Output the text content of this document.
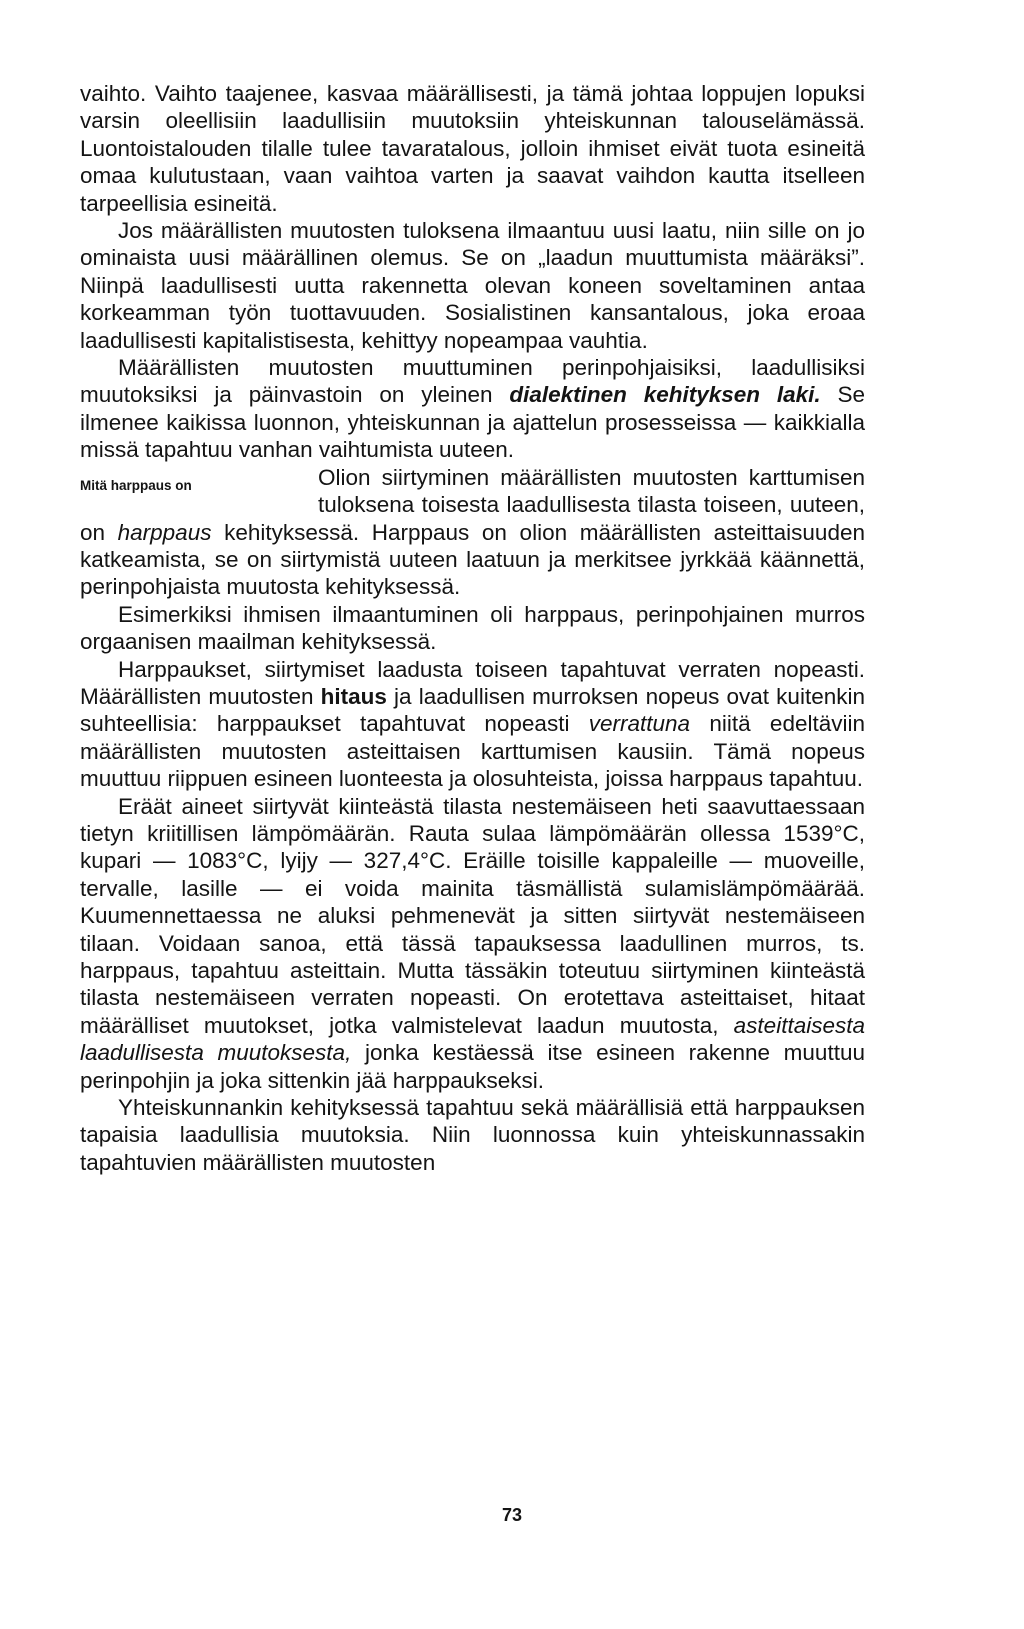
vaihto. Vaihto taajenee, kasvaa määrällisesti, ja tämä johtaa loppujen lopuksi varsin oleellisiin laadullisiin muutoksiin yhteiskunnan talouselämässä. Luontoistalouden tilalle tulee tavaratalous, jolloin ihmiset eivät tuota esineitä omaa kulutustaan, vaan vaihtoa varten ja saavat vaihdon kautta itselleen tarpeellisia esineitä.

Jos määrällisten muutosten tuloksena ilmaantuu uusi laatu, niin sille on jo ominaista uusi määrällinen olemus. Se on „laadun muuttumista määräksi”. Niinpä laadullisesti uutta rakennetta olevan koneen soveltaminen antaa korkeamman työn tuottavuuden. Sosialistinen kansantalous, joka eroaa laadullisesti kapitalistisesta, kehittyy nopeampaa vauhtia.

Määrällisten muutosten muuttuminen perinpohjaisiksi, laadullisiksi muutoksiksi ja päinvastoin on yleinen dialektinen kehityksen laki. Se ilmenee kaikissa luonnon, yhteiskunnan ja ajattelun prosesseissa — kaikkialla missä tapahtuu vanhan vaihtumista uuteen.

Mitä harppaus on	Olion siirtyminen määrällisten muutosten karttumisen tuloksena toisesta laadullisesta tilasta toiseen, uuteen, on harppaus kehityksessä. Harppaus on olion määrällisten asteittaisuuden katkeamista, se on siirtymistä uuteen laatuun ja merkitsee jyrkkää käännettä, perinpohjaista muutosta kehityksessä.

Esimerkiksi ihmisen ilmaantuminen oli harppaus, perinpohjainen murros orgaanisen maailman kehityksessä.

Harppaukset, siirtymiset laadusta toiseen tapahtuvat verraten nopeasti. Määrällisten muutosten hitaus ja laadullisen murroksen nopeus ovat kuitenkin suhteellisia: harppaukset tapahtuvat nopeasti verrattuna niitä edeltäviin määrällisten muutosten asteittaisen karttumisen kausiin. Tämä nopeus muuttuu riippuen esineen luonteesta ja olosuhteista, joissa harppaus tapahtuu.

Eräät aineet siirtyvät kiinteästä tilasta nestemäiseen heti saavuttaessaan tietyn kriitillisen lämpömäärän. Rauta sulaa lämpömäärän ollessa 1539°C, kupari — 1083°C, lyijy — 327,4°C. Eräille toisille kappaleille — muoveille, tervalle, lasille — ei voida mainita täsmällistä sulamislämpömäärää. Kuumennettaessa ne aluksi pehmenevät ja sitten siirtyvät nestemäiseen tilaan. Voidaan sanoa, että tässä tapauksessa laadullinen murros, ts. harppaus, tapahtuu asteittain. Mutta tässäkin toteutuu siirtyminen kiinteästä tilasta nestemäiseen verraten nopeasti. On erotettava asteittaiset, hitaat määrälliset muutokset, jotka valmistelevat laadun muutosta, asteittaisesta laadullisesta muutoksesta, jonka kestäessä itse esineen rakenne muuttuu perinpohjin ja joka sittenkin jää harppaukseksi.

Yhteiskunnankin kehityksessä tapahtuu sekä määrällisiä että harppauksen tapaisia laadullisia muutoksia. Niin luonnossa kuin yhteiskunnassakin tapahtuvien määrällisten muutosten

73
